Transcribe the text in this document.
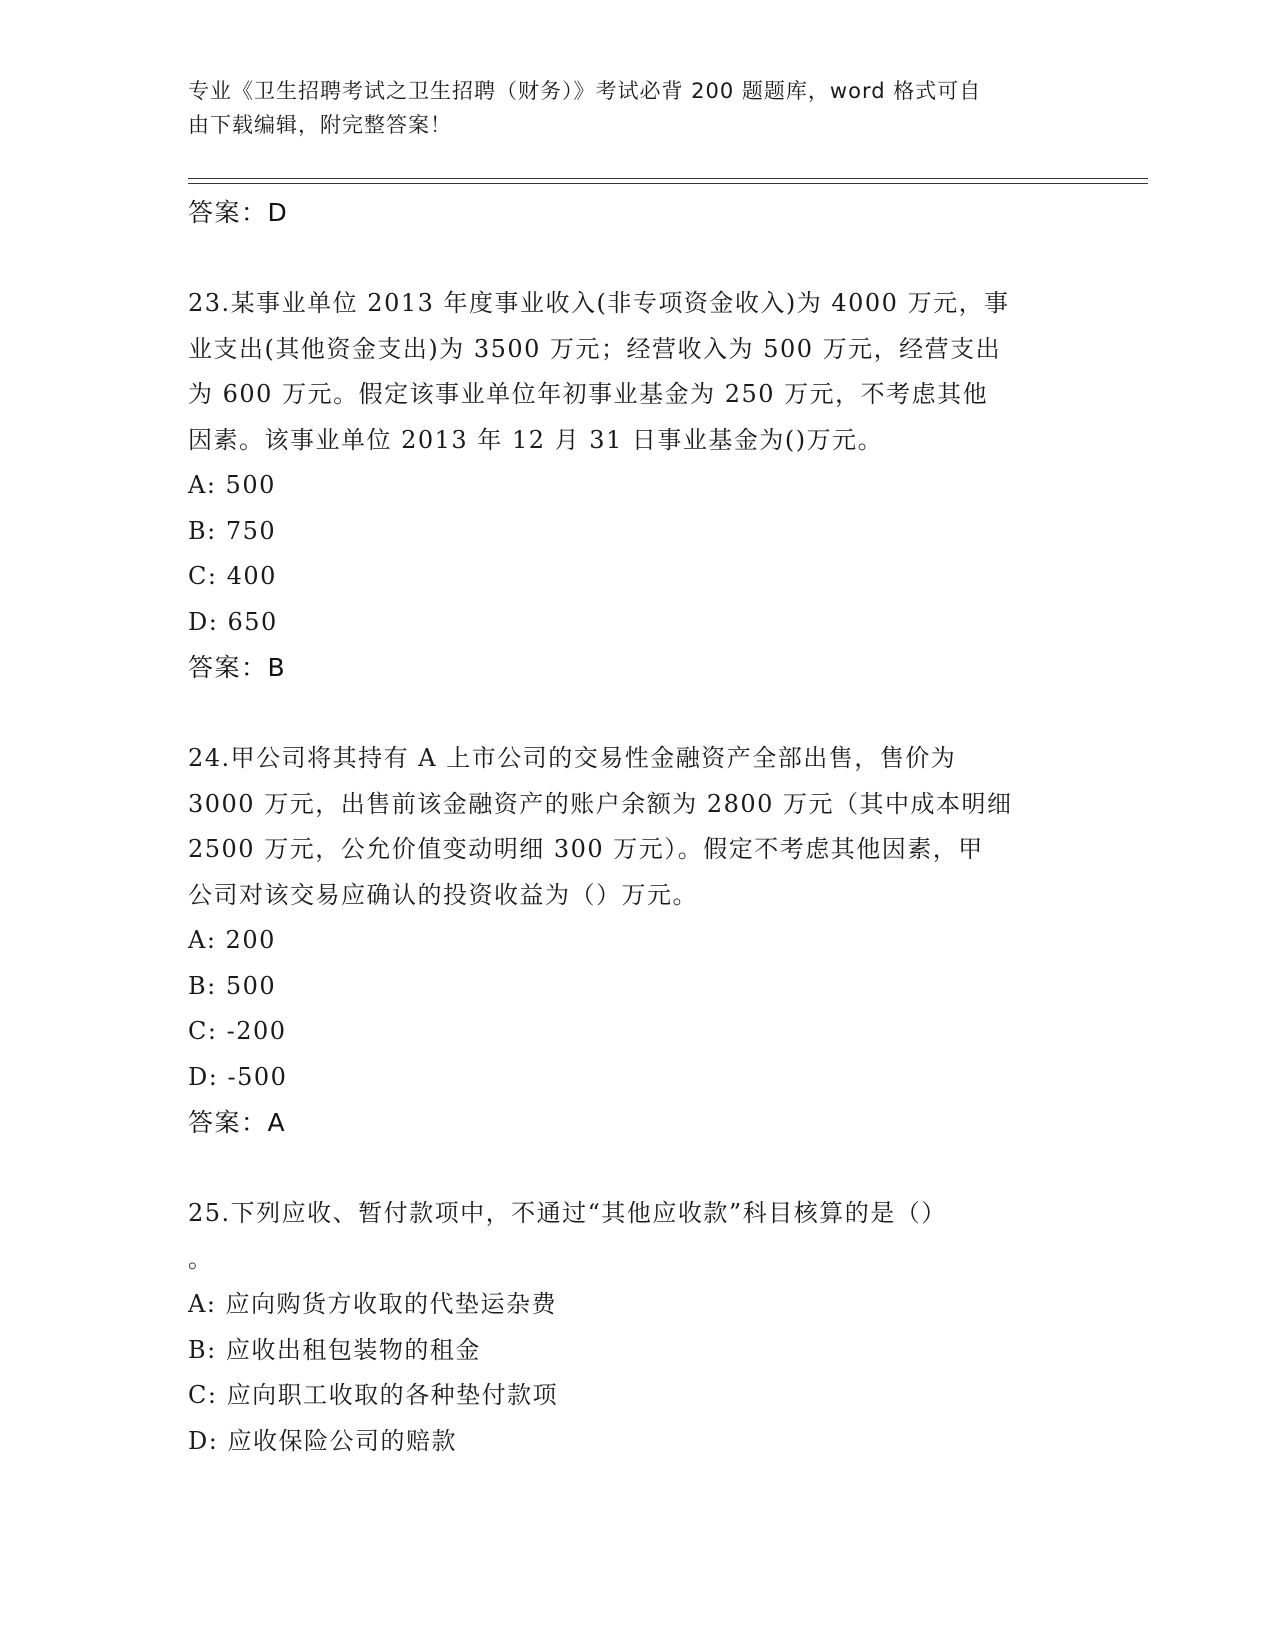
专业《卫生招聘考试之卫生招聘（财务）》考试必背 200 题题库，word 格式可自
由下载编辑，附完整答案！
答案：D
23.某事业单位 2013 年度事业收入(非专项资金收入)为 4000 万元，事
业支出(其他资金支出)为 3500 万元；经营收入为 500 万元，经营支出
为 600 万元。假定该事业单位年初事业基金为 250 万元，不考虑其他
因素。该事业单位 2013 年 12 月 31 日事业基金为()万元。
A: 500
B: 750
C: 400
D: 650
答案：B
24.甲公司将其持有 A 上市公司的交易性金融资产全部出售，售价为
3000 万元，出售前该金融资产的账户余额为 2800 万元（其中成本明细
2500 万元，公允价值变动明细 300 万元）。假定不考虑其他因素，甲
公司对该交易应确认的投资收益为（）万元。
A: 200
B: 500
C: -200
D: -500
答案：A
25.下列应收、暂付款项中，不通过“其他应收款”科目核算的是（）
。
A: 应向购货方收取的代垫运杂费
B: 应收出租包装物的租金
C: 应向职工收取的各种垫付款项
D: 应收保险公司的赔款
